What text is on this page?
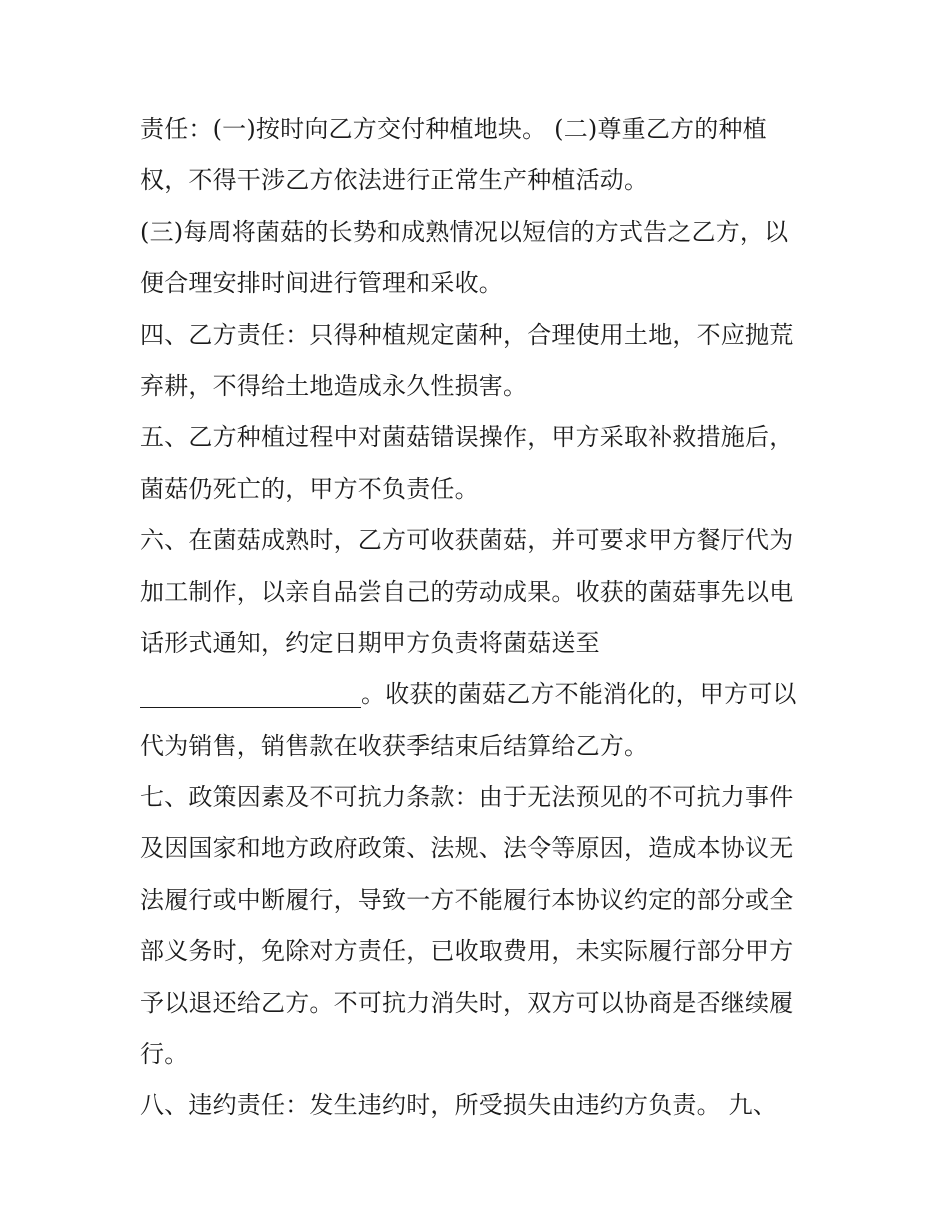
责任：(一)按时向乙方交付种植地块。 (二)尊重乙方的种植
权，不得干涉乙方依法进行正常生产种植活动。
(三)每周将菌菇的长势和成熟情况以短信的方式告之乙方，以
便合理安排时间进行管理和采收。
四、乙方责任：只得种植规定菌种，合理使用土地，不应抛荒
弃耕，不得给土地造成永久性损害。
五、乙方种植过程中对菌菇错误操作，甲方采取补救措施后，
菌菇仍死亡的，甲方不负责任。
六、在菌菇成熟时，乙方可收获菌菇，并可要求甲方餐厅代为
加工制作，以亲自品尝自己的劳动成果。收获的菌菇事先以电
话形式通知，约定日期甲方负责将菌菇送至
。收获的菌菇乙方不能消化的，甲方可以
代为销售，销售款在收获季结束后结算给乙方。
七、政策因素及不可抗力条款：由于无法预见的不可抗力事件
及因国家和地方政府政策、法规、法令等原因，造成本协议无
法履行或中断履行，导致一方不能履行本协议约定的部分或全
部义务时，免除对方责任，已收取费用，未实际履行部分甲方
予以退还给乙方。不可抗力消失时，双方可以协商是否继续履
行。
八、违约责任：发生违约时，所受损失由违约方负责。 九、
